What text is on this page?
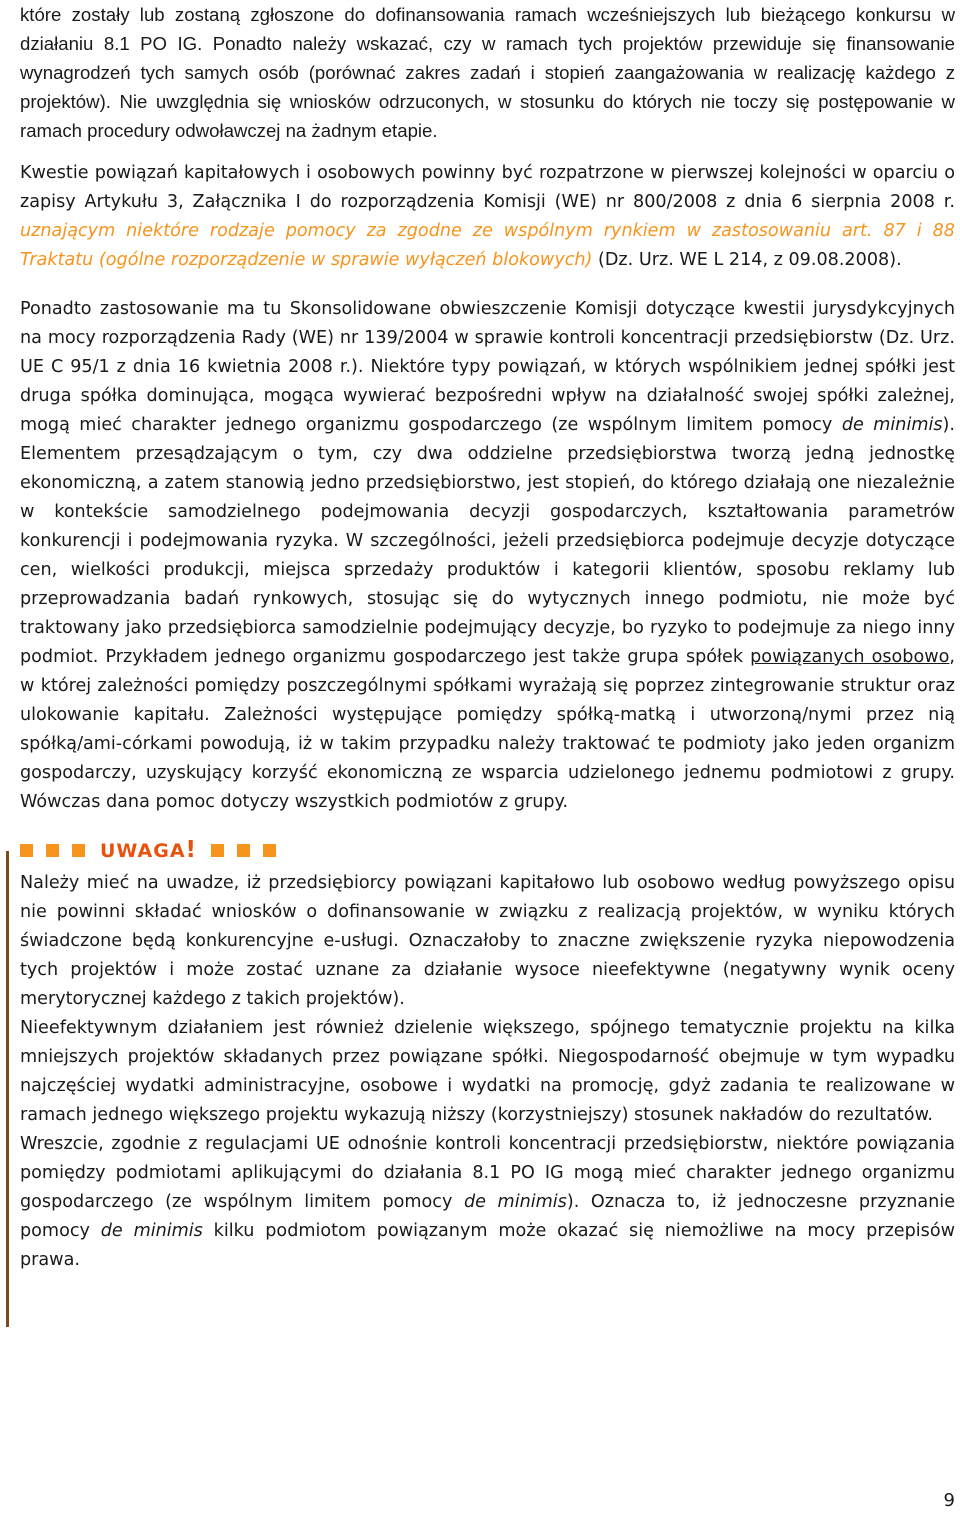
które zostały lub zostaną zgłoszone do dofinansowania ramach wcześniejszych lub bieżącego konkursu w działaniu 8.1 PO IG. Ponadto należy wskazać, czy w ramach tych projektów przewiduje się finansowanie wynagrodzeń tych samych osób (porównać zakres zadań i stopień zaangażowania w realizację każdego z projektów). Nie uwzględnia się wniosków odrzuconych, w stosunku do których nie toczy się postępowanie w ramach procedury odwoławczej na żadnym etapie.

Kwestie powiązań kapitałowych i osobowych powinny być rozpatrzone w pierwszej kolejności w oparciu o zapisy Artykułu 3, Załącznika I do rozporządzenia Komisji (WE) nr 800/2008 z dnia 6 sierpnia 2008 r. uznającym niektóre rodzaje pomocy za zgodne ze wspólnym rynkiem w zastosowaniu art. 87 i 88 Traktatu (ogólne rozporządzenie w sprawie wyłączeń blokowych) (Dz. Urz. WE L 214, z 09.08.2008).

Ponadto zastosowanie ma tu Skonsolidowane obwieszczenie Komisji dotyczące kwestii jurysdykcyjnych na mocy rozporządzenia Rady (WE) nr 139/2004 w sprawie kontroli koncentracji przedsiębiorstw (Dz. Urz. UE C 95/1 z dnia 16 kwietnia 2008 r.). Niektóre typy powiązań, w których wspólnikiem jednej spółki jest druga spółka dominująca, mogąca wywierać bezpośredni wpływ na działalność swojej spółki zależnej, mogą mieć charakter jednego organizmu gospodarczego (ze wspólnym limitem pomocy de minimis). Elementem przesądzającym o tym, czy dwa oddzielne przedsiębiorstwa tworzą jedną jednostkę ekonomiczną, a zatem stanowią jedno przedsiębiorstwo, jest stopień, do którego działają one niezależnie w kontekście samodzielnego podejmowania decyzji gospodarczych, kształtowania parametrów konkurencji i podejmowania ryzyka. W szczególności, jeżeli przedsiębiorca podejmuje decyzje dotyczące cen, wielkości produkcji, miejsca sprzedaży produktów i kategorii klientów, sposobu reklamy lub przeprowadzania badań rynkowych, stosując się do wytycznych innego podmiotu, nie może być traktowany jako przedsiębiorca samodzielnie podejmujący decyzje, bo ryzyko to podejmuje za niego inny podmiot. Przykładem jednego organizmu gospodarczego jest także grupa spółek powiązanych osobowo, w której zależności pomiędzy poszczególnymi spółkami wyrażają się poprzez zintegrowanie struktur oraz ulokowanie kapitału. Zależności występujące pomiędzy spółką-matką i utworzoną/nymi przez nią spółką/ami-córkami powodują, iż w takim przypadku należy traktować te podmioty jako jeden organizm gospodarczy, uzyskujący korzyść ekonomiczną ze wsparcia udzielonego jednemu podmiotowi z grupy. Wówczas dana pomoc dotyczy wszystkich podmiotów z grupy.

UWAGA!

Należy mieć na uwadze, iż przedsiębiorcy powiązani kapitałowo lub osobowo według powyższego opisu nie powinni składać wniosków o dofinansowanie w związku z realizacją projektów, w wyniku których świadczone będą konkurencyjne e-usługi. Oznaczałoby to znaczne zwiększenie ryzyka niepowodzenia tych projektów i może zostać uznane za działanie wysoce nieefektywne (negatywny wynik oceny merytorycznej każdego z takich projektów).

Nieefektywnym działaniem jest również dzielenie większego, spójnego tematycznie projektu na kilka mniejszych projektów składanych przez powiązane spółki. Niegospodarność obejmuje w tym wypadku najczęściej wydatki administracyjne, osobowe i wydatki na promocję, gdyż zadania te realizowane w ramach jednego większego projektu wykazują niższy (korzystniejszy) stosunek nakładów do rezultatów.

Wreszcie, zgodnie z regulacjami UE odnośnie kontroli koncentracji przedsiębiorstw, niektóre powiązania pomiędzy podmiotami aplikującymi do działania 8.1 PO IG mogą mieć charakter jednego organizmu gospodarczego (ze wspólnym limitem pomocy de minimis). Oznacza to, iż jednoczesne przyznanie pomocy de minimis kilku podmiotom powiązanym może okazać się niemożliwe na mocy przepisów prawa.

9
